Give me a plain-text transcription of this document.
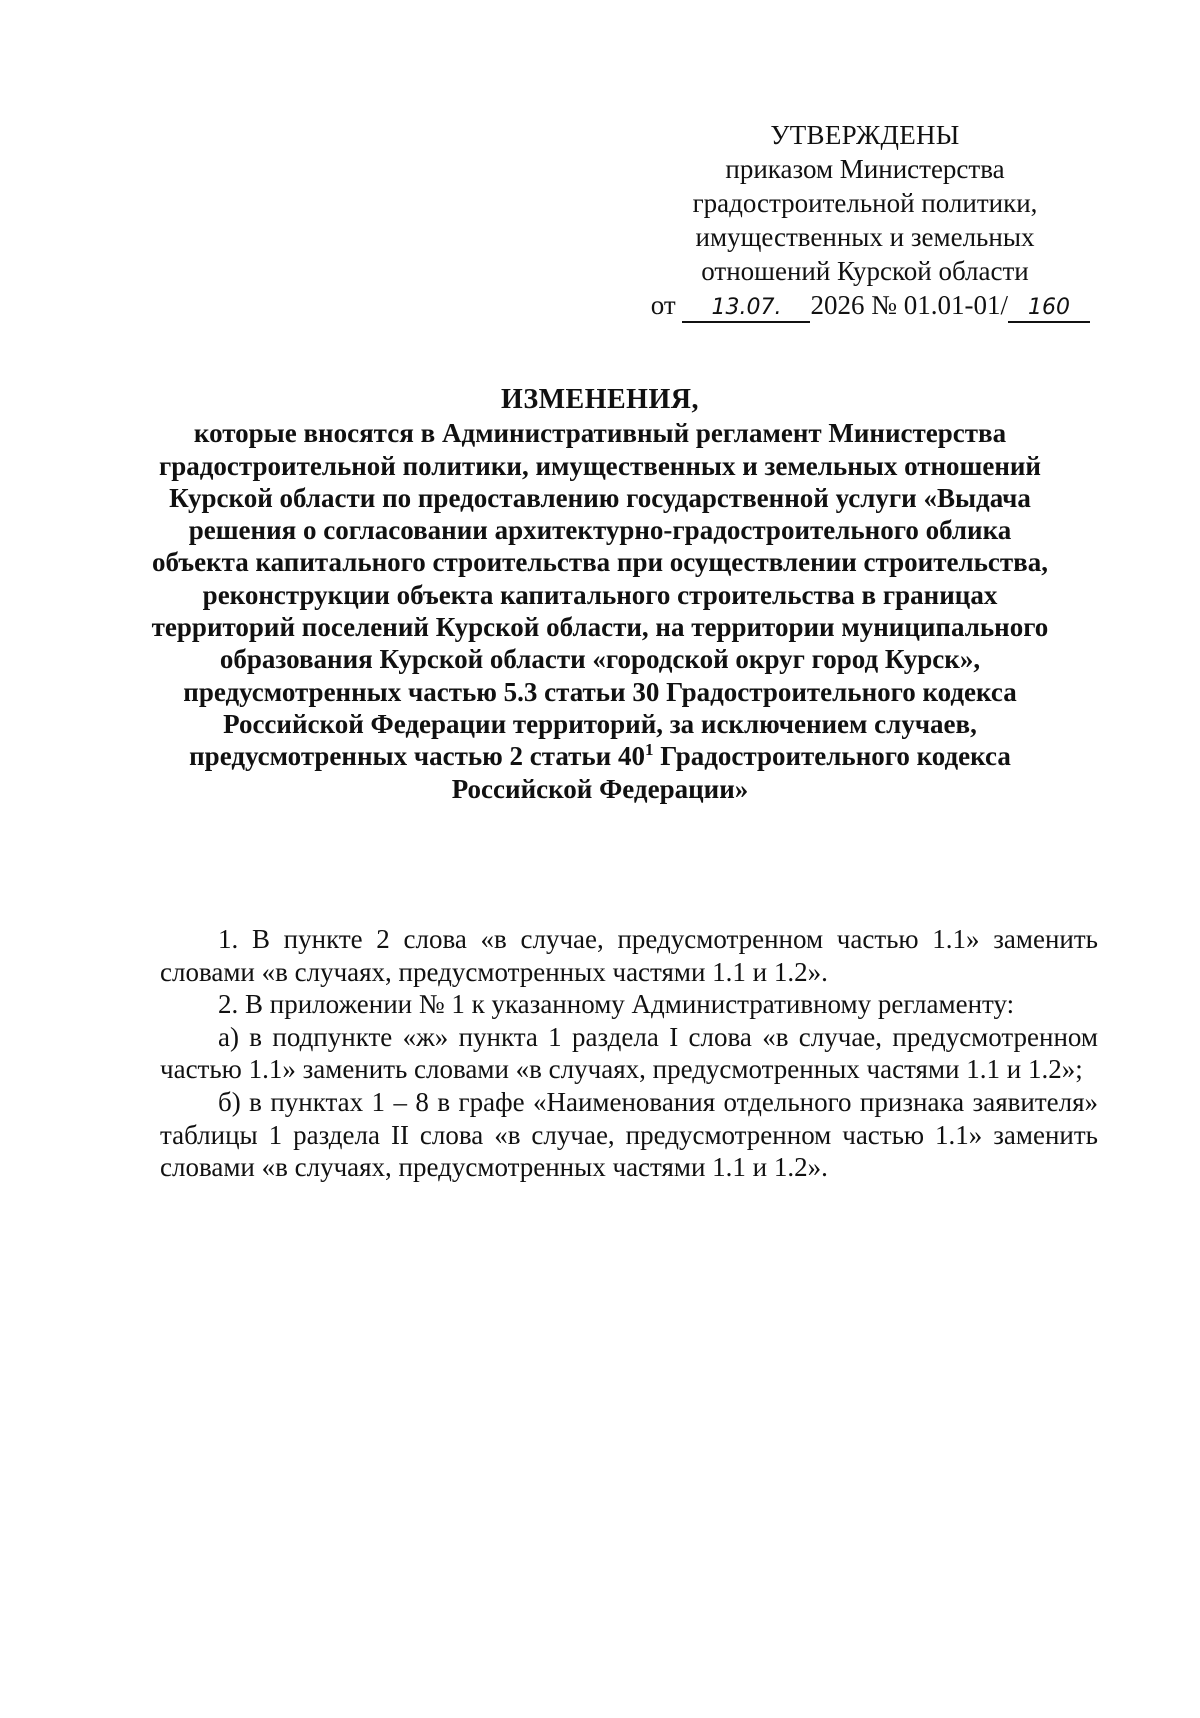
УТВЕРЖДЕНЫ
приказом Министерства
градостроительной политики,
имущественных и земельных
отношений Курской области
от 13.07. 2026 № 01.01-01/ 160
ИЗМЕНЕНИЯ,
которые вносятся в Административный регламент Министерства градостроительной политики, имущественных и земельных отношений Курской области по предоставлению государственной услуги «Выдача решения о согласовании архитектурно-градостроительного облика объекта капитального строительства при осуществлении строительства, реконструкции объекта капитального строительства в границах территорий поселений Курской области, на территории муниципального образования Курской области «городской округ город Курск», предусмотренных частью 5.3 статьи 30 Градостроительного кодекса Российской Федерации территорий, за исключением случаев, предусмотренных частью 2 статьи $40^1$ Градостроительного кодекса Российской Федерации»

1. В пункте 2 слова «в случае, предусмотренном частью 1.1» заменить словами «в случаях, предусмотренных частями 1.1 и 1.2».

2. В приложении № 1 к указанному Административному регламенту:

а) в подпункте «ж» пункта 1 раздела I слова «в случае, предусмотренном частью 1.1» заменить словами «в случаях, предусмотренных частями 1.1 и 1.2»;

б) в пунктах 1 – 8 в графе «Наименования отдельного признака заявителя» таблицы 1 раздела II слова «в случае, предусмотренном частью 1.1» заменить словами «в случаях, предусмотренных частями 1.1 и 1.2».
